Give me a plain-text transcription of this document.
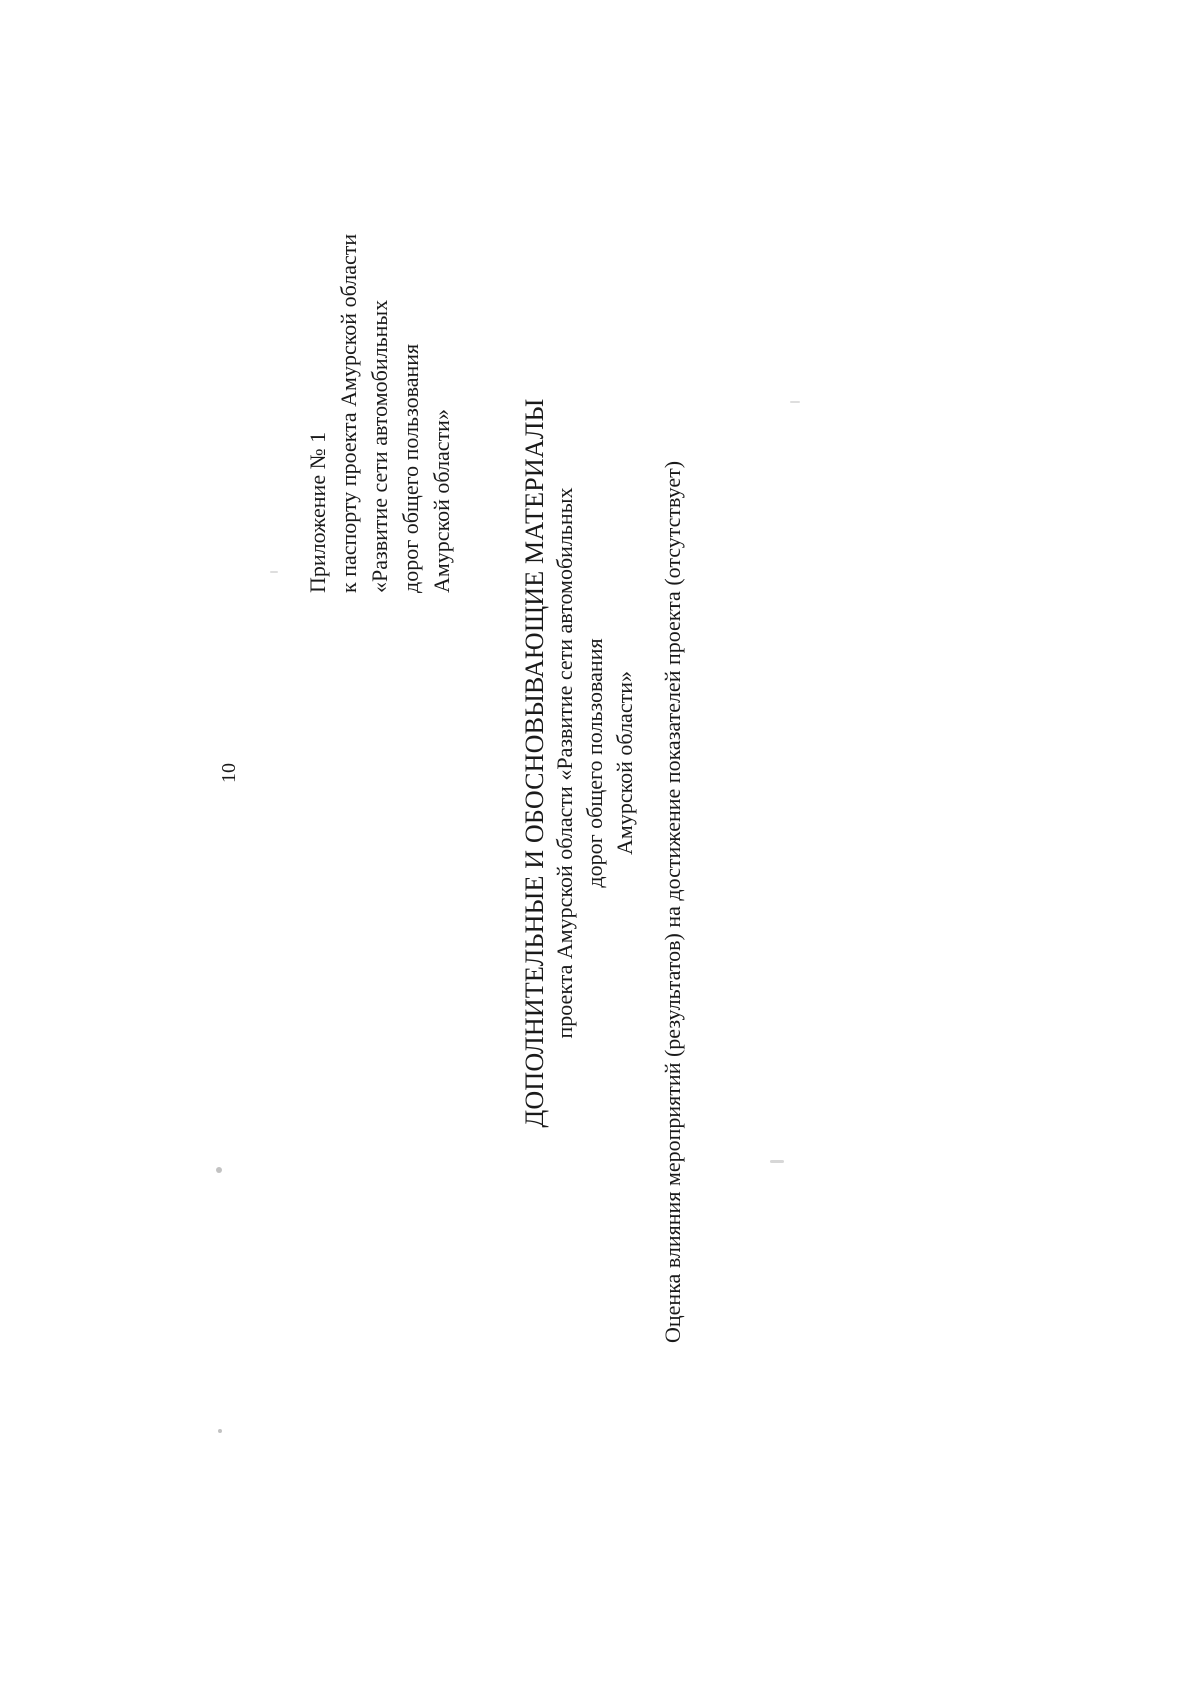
10
Приложение № 1 к паспорту проекта Амурской области «Развитие сети автомобильных дорог общего пользования Амурской области»	ДОПОЛНИТЕЛЬНЫЕ И ОБОСНОВЫВАЮЩИЕ МАТЕРИАЛЫ проекта Амурской области «Развитие сети автомобильных дорог общего пользования Амурской области» Оценка влияния мероприятий (результатов) на достижение показателей проекта (отсутствует)
